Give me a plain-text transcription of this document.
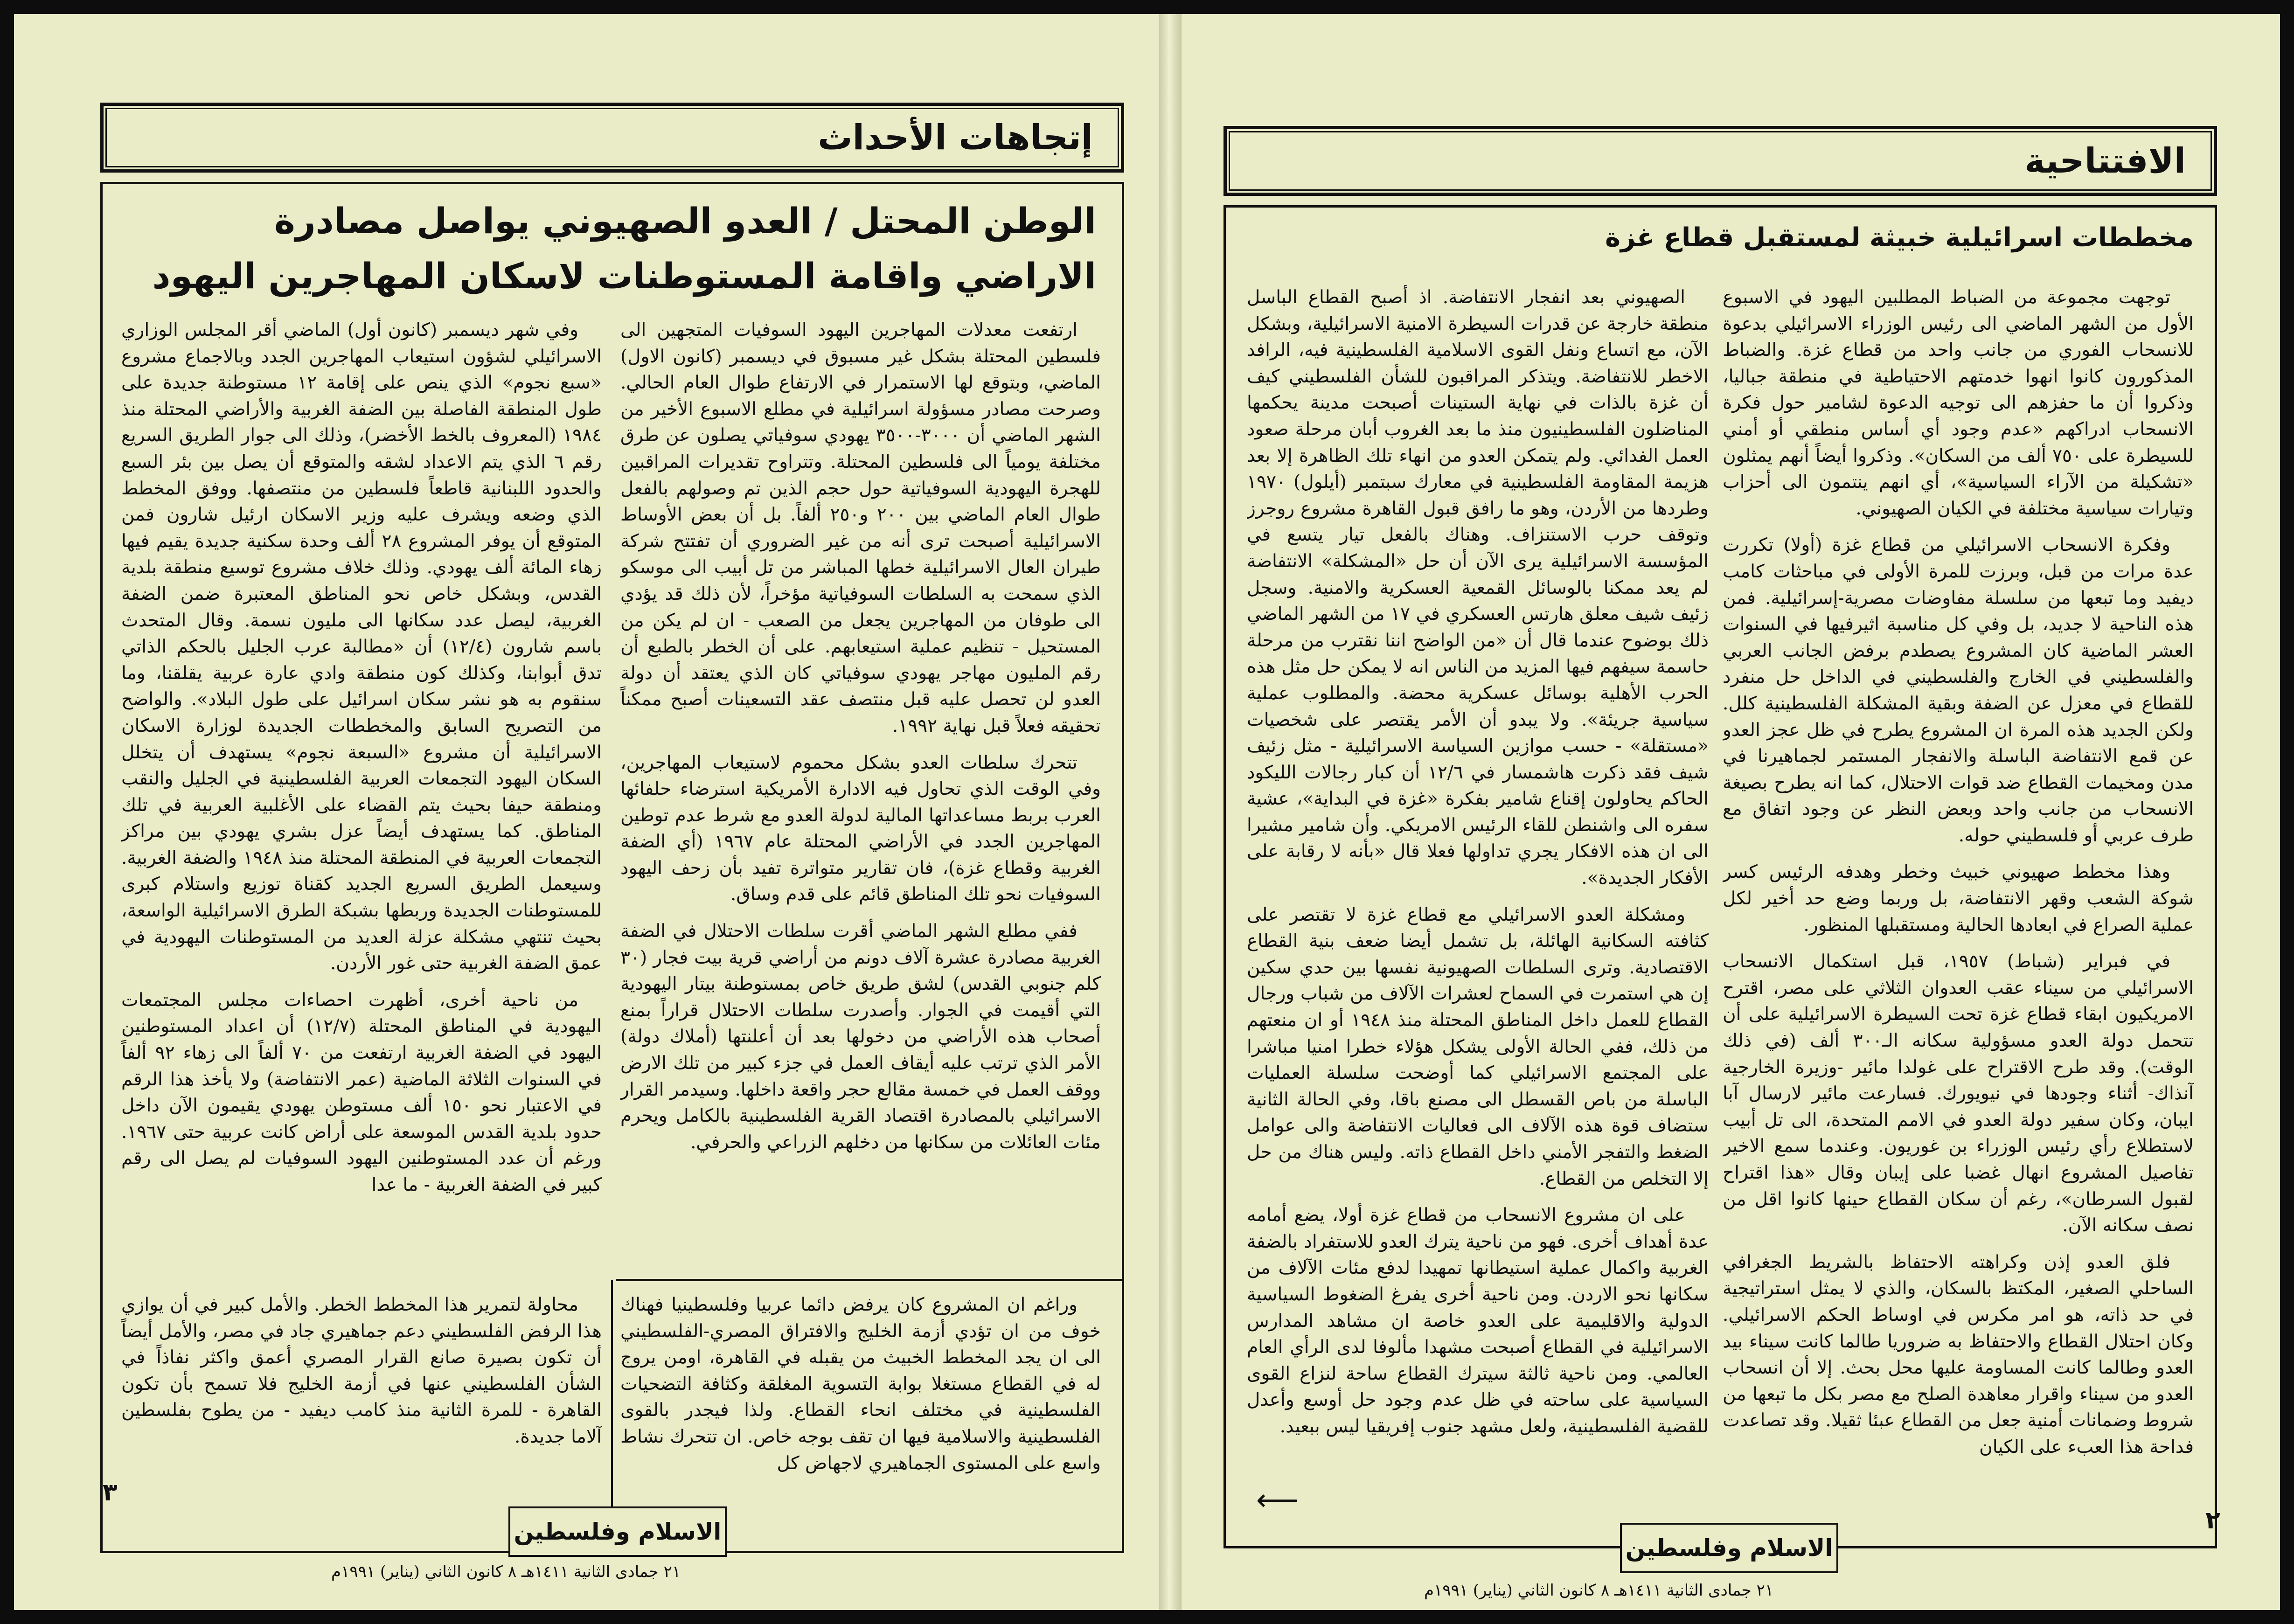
إتجاهات الأحداث
الوطن المحتل / العدو الصهيوني يواصل مصادرة الاراضي واقامة المستوطنات لاسكان المهاجرين اليهود

ارتفعت معدلات المهاجرين اليهود السوفيات المتجهين الى فلسطين المحتلة بشكل غير مسبوق في ديسمبر (كانون الاول) الماضي، وبتوقع لها الاستمرار في الارتفاع طوال العام الحالي. وصرحت مصادر مسؤولة اسرائيلية في مطلع الاسبوع الأخير من الشهر الماضي أن ٣٠٠٠-٣٥٠٠ يهودي سوفياتي يصلون عن طرق مختلفة يومياً الى فلسطين المحتلة. وتتراوح تقديرات المراقبين للهجرة اليهودية السوفياتية حول حجم الذين تم وصولهم بالفعل طوال العام الماضي بين ٢٠٠ و٢٥٠ ألفاً. بل أن بعض الأوساط الاسرائيلية أصبحت ترى أنه من غير الضروري أن تفتتح شركة طيران العال الاسرائيلية خطها المباشر من تل أبيب الى موسكو الذي سمحت به السلطات السوفياتية مؤخراً، لأن ذلك قد يؤدي الى طوفان من المهاجرين يجعل من الصعب - ان لم يكن من المستحيل - تنظيم عملية استيعابهم. على أن الخطر بالطبع أن رقم المليون مهاجر يهودي سوفياتي كان الذي يعتقد أن دولة العدو لن تحصل عليه قبل منتصف عقد التسعينات أصبح ممكناً تحقيقه فعلاً قبل نهاية ١٩٩٢.

تتحرك سلطات العدو بشكل محموم لاستيعاب المهاجرين، وفي الوقت الذي تحاول فيه الادارة الأمريكية استرضاء حلفائها العرب بربط مساعداتها المالية لدولة العدو مع شرط عدم توطين المهاجرين الجدد في الأراضي المحتلة عام ١٩٦٧ (أي الضفة الغربية وقطاع غزة)، فان تقارير متواترة تفيد بأن زحف اليهود السوفيات نحو تلك المناطق قائم على قدم وساق.

ففي مطلع الشهر الماضي أقرت سلطات الاحتلال في الضفة الغربية مصادرة عشرة آلاف دونم من أراضي قرية بيت فجار (٣٠ كلم جنوبي القدس) لشق طريق خاص بمستوطنة بيتار اليهودية التي أقيمت في الجوار. وأصدرت سلطات الاحتلال قراراً بمنع أصحاب هذه الأراضي من دخولها بعد أن أعلنتها (أملاك دولة) الأمر الذي ترتب عليه أيقاف العمل في جزء كبير من تلك الارض ووقف العمل في خمسة مقالع حجر واقعة داخلها. وسيدمر القرار الاسرائيلي بالمصادرة اقتصاد القرية الفلسطينية بالكامل ويحرم مئات العائلات من سكانها من دخلهم الزراعي والحرفي.

وفي شهر ديسمبر (كانون أول) الماضي أقر المجلس الوزاري الاسرائيلي لشؤون استيعاب المهاجرين الجدد وبالاجماع مشروع «سبع نجوم» الذي ينص على إقامة ١٢ مستوطنة جديدة على طول المنطقة الفاصلة بين الضفة الغربية والأراضي المحتلة منذ ١٩٨٤ (المعروف بالخط الأخضر)، وذلك الى جوار الطريق السريع رقم ٦ الذي يتم الاعداد لشقه والمتوقع أن يصل بين بئر السبع والحدود اللبنانية قاطعاً فلسطين من منتصفها. ووفق المخطط الذي وضعه ويشرف عليه وزير الاسكان ارئيل شارون فمن المتوقع أن يوفر المشروع ٢٨ ألف وحدة سكنية جديدة يقيم فيها زهاء المائة ألف يهودي. وذلك خلاف مشروع توسيع منطقة بلدية القدس، وبشكل خاص نحو المناطق المعتبرة ضمن الضفة الغربية، ليصل عدد سكانها الى مليون نسمة. وقال المتحدث باسم شارون (١٢/٤) أن «مطالبة عرب الجليل بالحكم الذاتي تدق أبوابنا، وكذلك كون منطقة وادي عارة عربية يقلقنا، وما سنقوم به هو نشر سكان اسرائيل على طول البلاد». والواضح من التصريح السابق والمخططات الجديدة لوزارة الاسكان الاسرائيلية أن مشروع «السبعة نجوم» يستهدف أن يتخلل السكان اليهود التجمعات العربية الفلسطينية في الجليل والنقب ومنطقة حيفا بحيث يتم القضاء على الأغلبية العربية في تلك المناطق. كما يستهدف أيضاً عزل بشري يهودي بين مراكز التجمعات العربية في المنطقة المحتلة منذ ١٩٤٨ والضفة الغربية. وسيعمل الطريق السريع الجديد كقناة توزيع واستلام كبرى للمستوطنات الجديدة وربطها بشبكة الطرق الاسرائيلية الواسعة، بحيث تنتهي مشكلة عزلة العديد من المستوطنات اليهودية في عمق الضفة الغربية حتى غور الأردن.

من ناحية أخرى، أظهرت احصاءات مجلس المجتمعات اليهودية في المناطق المحتلة (١٢/٧) أن اعداد المستوطنين اليهود في الضفة الغربية ارتفعت من ٧٠ ألفاً الى زهاء ٩٢ ألفاً في السنوات الثلاثة الماضية (عمر الانتفاضة) ولا يأخذ هذا الرقم في الاعتبار نحو ١٥٠ ألف مستوطن يهودي يقيمون الآن داخل حدود بلدية القدس الموسعة على أراض كانت عربية حتى ١٩٦٧. ورغم أن عدد المستوطنين اليهود السوفيات لم يصل الى رقم كبير في الضفة الغربية - ما عدا

وراغم ان المشروع كان يرفض دائما عربيا وفلسطينيا فهناك خوف من ان تؤدي أزمة الخليج والافتراق المصري-الفلسطيني الى ان يجد المخطط الخبيث من يقبله في القاهرة، اومن يروج له في القطاع مستغلا بوابة التسوية المغلقة وكثافة التضحيات الفلسطينية في مختلف انحاء القطاع. ولذا فيجدر بالقوى الفلسطينية والاسلامية فيها ان تقف بوجه خاص. ان تتحرك نشاط واسع على المستوى الجماهيري لاجهاض كل

محاولة لتمرير هذا المخطط الخطر. والأمل كبير في أن يوازي هذا الرفض الفلسطيني دعم جماهيري جاد في مصر، والأمل أيضاً أن تكون بصيرة صانع القرار المصري أعمق واكثر نفاذاً في الشأن الفلسطيني عنها في أزمة الخليج فلا تسمح بأن تكون القاهرة - للمرة الثانية منذ كامب ديفيد - من يطوح بفلسطين آلاما جديدة.

٣
الاسلام وفلسطين
٢١ جمادى الثانية ١٤١١هـ ٨ كانون الثاني (يناير) ١٩٩١م
الافتتاحية
مخططات اسرائيلية خبيثة لمستقبل قطاع غزة

توجهت مجموعة من الضباط المطلبين اليهود في الاسبوع الأول من الشهر الماضي الى رئيس الوزراء الاسرائيلي بدعوة للانسحاب الفوري من جانب واحد من قطاع غزة. والضباط المذكورون كانوا انهوا خدمتهم الاحتياطية في منطقة جباليا، وذكروا أن ما حفزهم الى توجيه الدعوة لشامير حول فكرة الانسحاب ادراكهم «عدم وجود أي أساس منطقي أو أمني للسيطرة على ٧٥٠ ألف من السكان». وذكروا أيضاً أنهم يمثلون «تشكيلة من الآراء السياسية»، أي انهم ينتمون الى أحزاب وتيارات سياسية مختلفة في الكيان الصهيوني.

وفكرة الانسحاب الاسرائيلي من قطاع غزة (أولا) تكررت عدة مرات من قبل، وبرزت للمرة الأولى في مباحثات كامب ديفيد وما تبعها من سلسلة مفاوضات مصرية-إسرائيلية. فمن هذه الناحية لا جديد، بل وفي كل مناسبة اثيرفيها في السنوات العشر الماضية كان المشروع يصطدم برفض الجانب العربي والفلسطيني في الخارج والفلسطيني في الداخل حل منفرد للقطاع في معزل عن الضفة وبقية المشكلة الفلسطينية كلل. ولكن الجديد هذه المرة ان المشروع يطرح في ظل عجز العدو عن قمع الانتفاضة الباسلة والانفجار المستمر لجماهيرنا في مدن ومخيمات القطاع ضد قوات الاحتلال، كما انه يطرح بصيغة الانسحاب من جانب واحد وبعض النظر عن وجود اتفاق مع طرف عربي أو فلسطيني حوله.

وهذا مخطط صهيوني خبيث وخطر وهدفه الرئيس كسر شوكة الشعب وقهر الانتفاضة، بل وربما وضع حد أخير لكل عملية الصراع في ابعادها الحالية ومستقبلها المنظور.

في فبراير (شباط) ١٩٥٧، قبل استكمال الانسحاب الاسرائيلي من سيناء عقب العدوان الثلاثي على مصر، اقترح الامريكيون ابقاء قطاع غزة تحت السيطرة الاسرائيلية على أن تتحمل دولة العدو مسؤولية سكانه الـ٣٠٠ ألف (في ذلك الوقت). وقد طرح الاقتراح على غولدا مائير -وزيرة الخارجية آنذاك- أثناء وجودها في نيويورك. فسارعت مائير لارسال آبا ايبان، وكان سفير دولة العدو في الامم المتحدة، الى تل أبيب لاستطلاع رأي رئيس الوزراء بن غوريون. وعندما سمع الاخير تفاصيل المشروع انهال غضبا على إيبان وقال «هذا اقتراح لقبول السرطان»، رغم أن سكان القطاع حينها كانوا اقل من نصف سكانه الآن.

فلق العدو إذن وكراهته الاحتفاظ بالشريط الجغرافي الساحلي الصغير، المكتظ بالسكان، والذي لا يمثل استراتيجية في حد ذاته، هو امر مكرس في اوساط الحكم الاسرائيلي. وكان احتلال القطاع والاحتفاظ به ضروريا طالما كانت سيناء بيد العدو وطالما كانت المساومة عليها محل بحث. إلا أن انسحاب العدو من سيناء واقرار معاهدة الصلح مع مصر بكل ما تبعها من شروط وضمانات أمنية جعل من القطاع عبئا ثقيلا. وقد تصاعدت فداحة هذا العبء على الكيان

الصهيوني بعد انفجار الانتفاضة. اذ أصبح القطاع الباسل منطقة خارجة عن قدرات السيطرة الامنية الاسرائيلية، وبشكل الآن، مع اتساع ونفل القوى الاسلامية الفلسطينية فيه، الرافد الاخطر للانتفاضة. ويتذكر المراقبون للشأن الفلسطيني كيف أن غزة بالذات في نهاية الستينات أصبحت مدينة يحكمها المناضلون الفلسطينيون منذ ما بعد الغروب أبان مرحلة صعود العمل الفدائي. ولم يتمكن العدو من انهاء تلك الظاهرة إلا بعد هزيمة المقاومة الفلسطينية في معارك سبتمبر (أيلول) ١٩٧٠ وطردها من الأردن، وهو ما رافق قبول القاهرة مشروع روجرز وتوقف حرب الاستنزاف. وهناك بالفعل تيار يتسع في المؤسسة الاسرائيلية يرى الآن أن حل «المشكلة» الانتفاضة لم يعد ممكنا بالوسائل القمعية العسكرية والامنية. وسجل زئيف شيف معلق هارتس العسكري في ١٧ من الشهر الماضي ذلك بوضوح عندما قال أن «من الواضح اننا نقترب من مرحلة حاسمة سيفهم فيها المزيد من الناس انه لا يمكن حل مثل هذه الحرب الأهلية بوسائل عسكرية محضة. والمطلوب عملية سياسية جريئة». ولا يبدو أن الأمر يقتصر على شخصيات «مستقلة» - حسب موازين السياسة الاسرائيلية - مثل زئيف شيف فقد ذكرت هاشمسار في ١٢/٦ أن كبار رجالات الليكود الحاكم يحاولون إقناع شامير بفكرة «غزة في البداية»، عشية سفره الى واشنطن للقاء الرئيس الامريكي. وأن شامير مشيرا الى ان هذه الافكار يجري تداولها فعلا قال «بأنه لا رقابة على الأفكار الجديدة».

ومشكلة العدو الاسرائيلي مع قطاع غزة لا تقتصر على كثافته السكانية الهائلة، بل تشمل أيضا ضعف بنية القطاع الاقتصادية. وترى السلطات الصهيونية نفسها بين حدي سكين إن هي استمرت في السماح لعشرات الآلاف من شباب ورجال القطاع للعمل داخل المناطق المحتلة منذ ١٩٤٨ أو ان منعتهم من ذلك، ففي الحالة الأولى يشكل هؤلاء خطرا امنيا مباشرا على المجتمع الاسرائيلي كما أوضحت سلسلة العمليات الباسلة من باص القسطل الى مصنع باقا، وفي الحالة الثانية ستضاف قوة هذه الآلاف الى فعاليات الانتفاضة والى عوامل الضغط والتفجر الأمني داخل القطاع ذاته. وليس هناك من حل إلا التخلص من القطاع.

على ان مشروع الانسحاب من قطاع غزة أولا، يضع أمامه عدة أهداف أخرى. فهو من ناحية يترك العدو للاستفراد بالضفة الغربية واكمال عملية استيطانها تمهيدا لدفع مئات الآلاف من سكانها نحو الاردن. ومن ناحية أخرى يفرغ الضغوط السياسية الدولية والاقليمية على العدو خاصة ان مشاهد المدارس الاسرائيلية في القطاع أصبحت مشهدا مألوفا لدى الرأي العام العالمي. ومن ناحية ثالثة سيترك القطاع ساحة لنزاع القوى السياسية على ساحته في ظل عدم وجود حل أوسع وأعدل للقضية الفلسطينية، ولعل مشهد جنوب إفريقيا ليس ببعيد.

⟵
٢
الاسلام وفلسطين
٢١ جمادى الثانية ١٤١١هـ ٨ كانون الثاني (يناير) ١٩٩١م
